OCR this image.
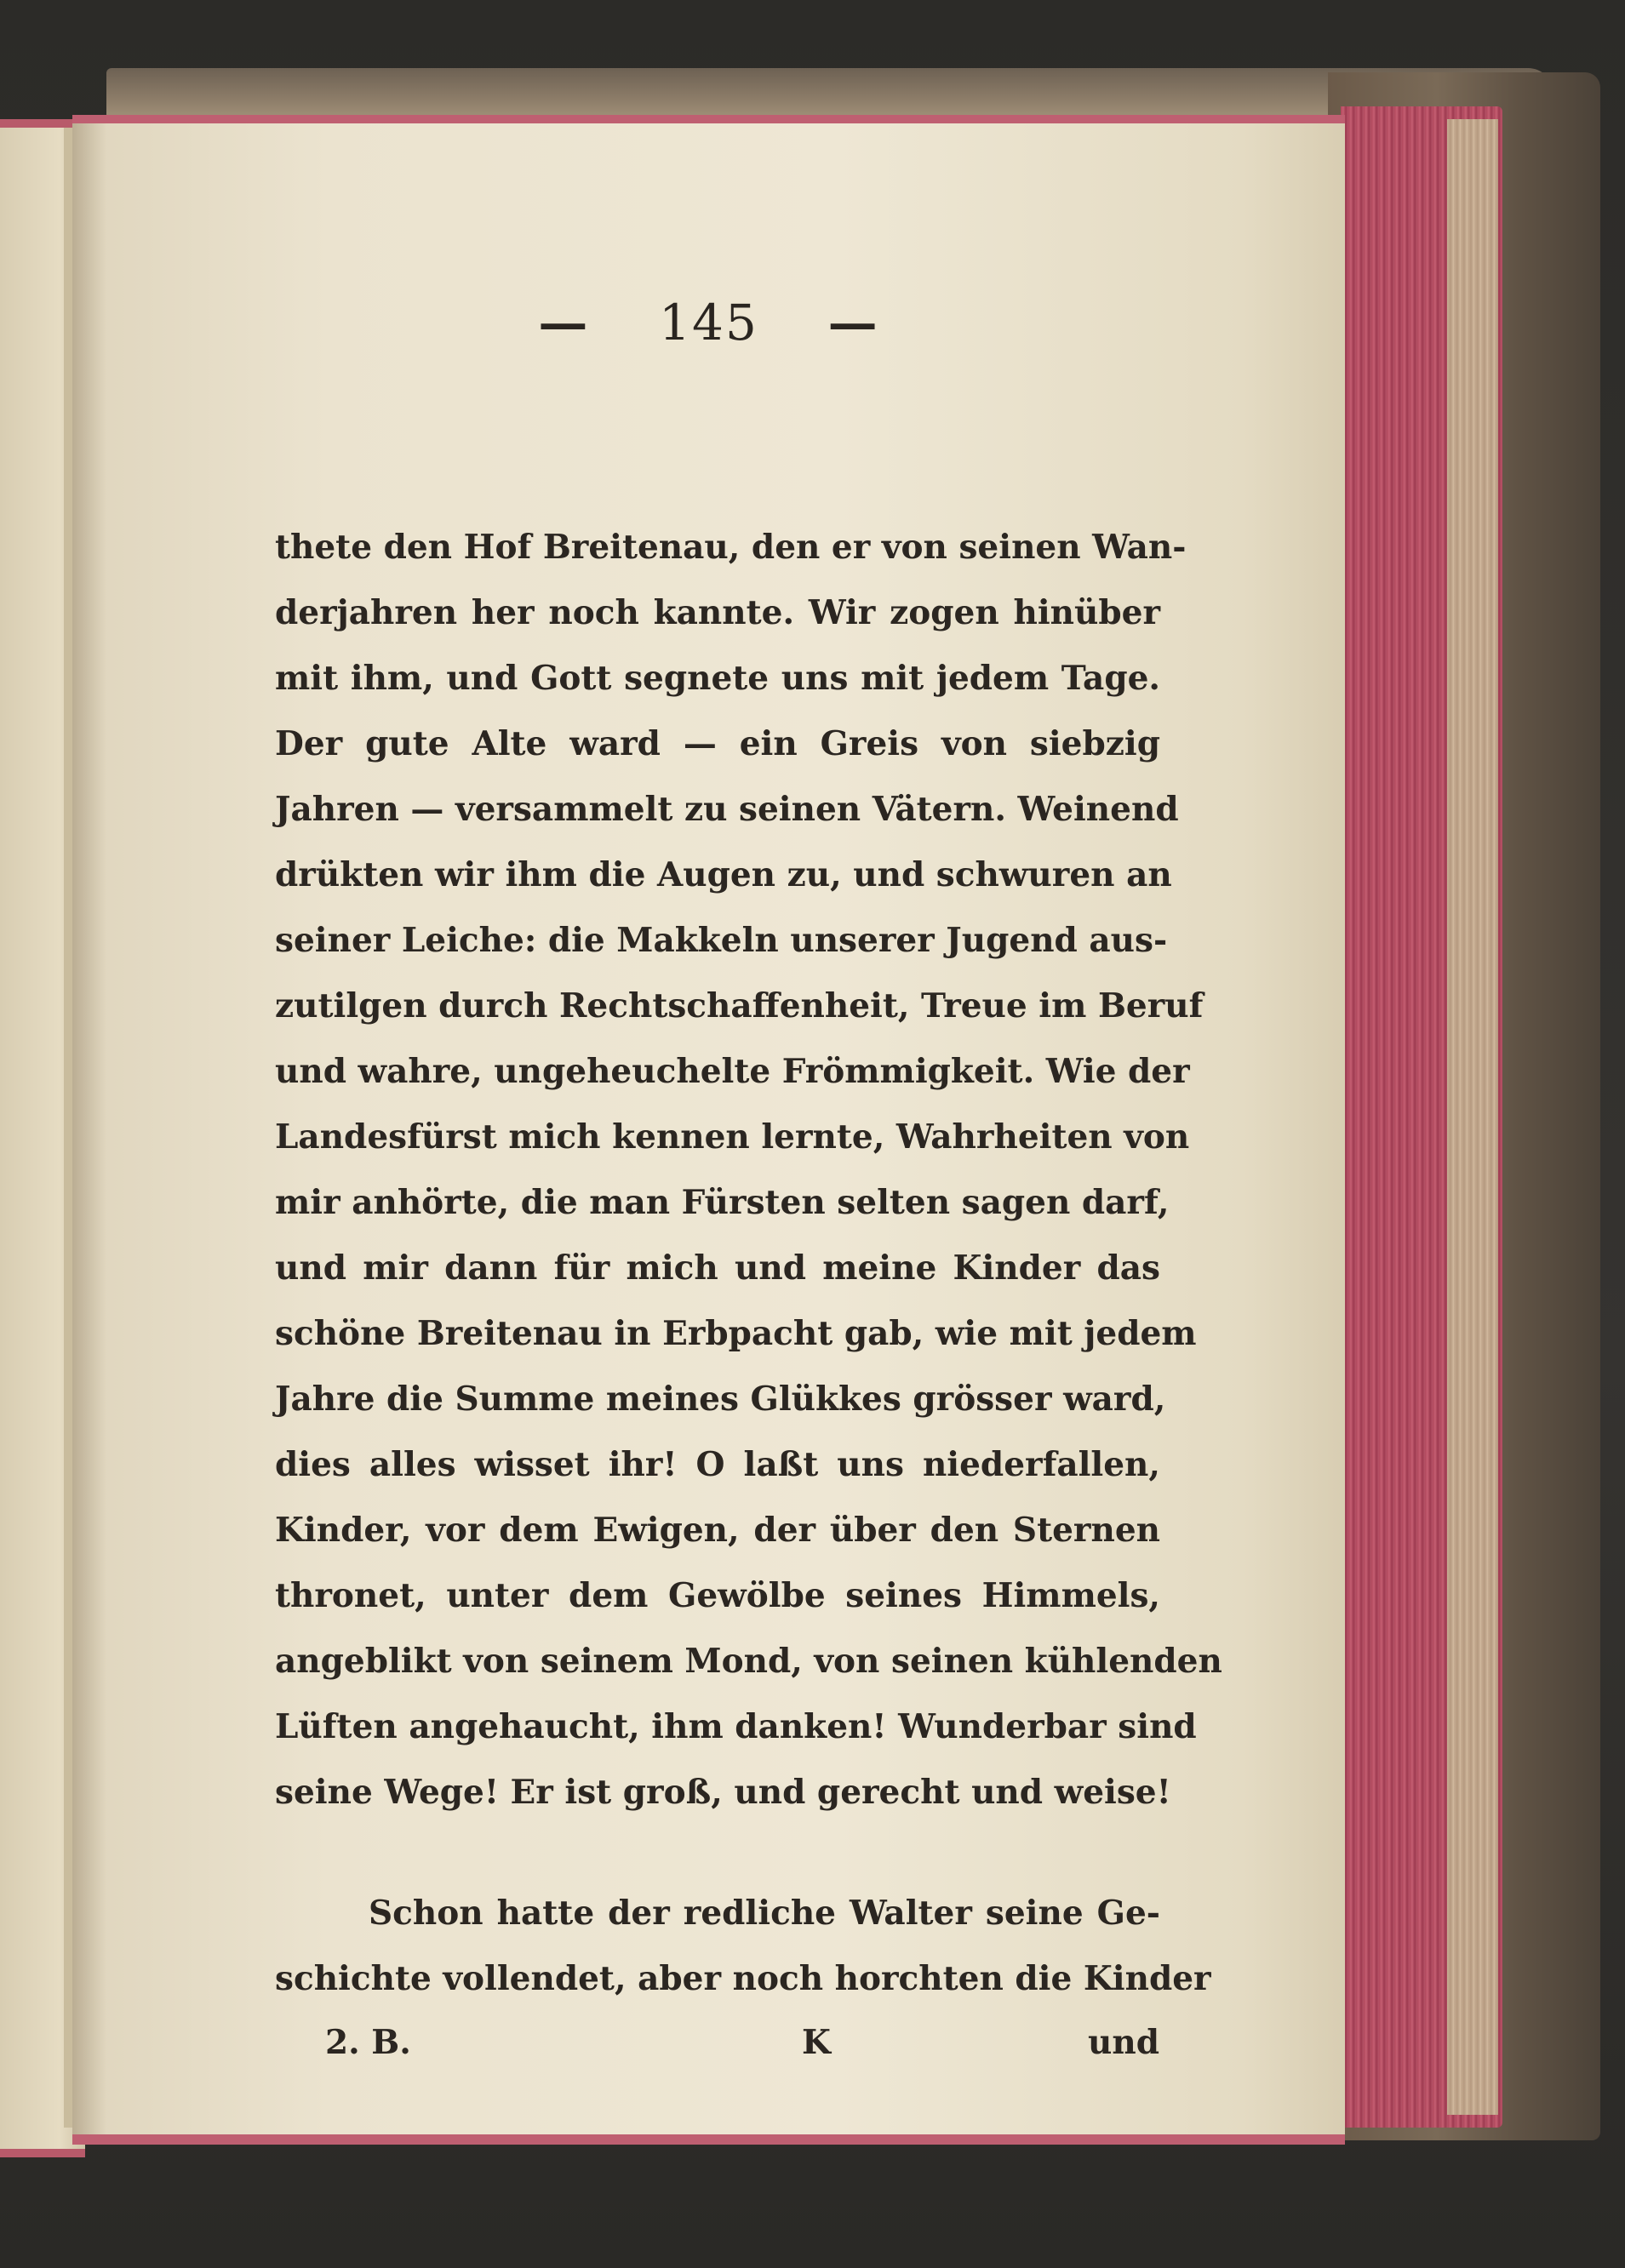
— 145 —
thete den Hof Breitenau, den er von seinen Wan-
derjahren her noch kannte. Wir zogen hinüber
mit ihm, und Gott segnete uns mit jedem Tage.
Der gute Alte ward — ein Greis von siebzig
Jahren — versammelt zu seinen Vätern. Weinend
drükten wir ihm die Augen zu, und schwuren an
seiner Leiche: die Makkeln unserer Jugend aus-
zutilgen durch Rechtschaffenheit, Treue im Beruf
und wahre, ungeheuchelte Frömmigkeit. Wie der
Landesfürst mich kennen lernte, Wahrheiten von
mir anhörte, die man Fürsten selten sagen darf,
und mir dann für mich und meine Kinder das
schöne Breitenau in Erbpacht gab, wie mit jedem
Jahre die Summe meines Glükkes grösser ward,
dies alles wisset ihr! O laßt uns niederfallen,
Kinder, vor dem Ewigen, der über den Sternen
thronet, unter dem Gewölbe seines Himmels,
angeblikt von seinem Mond, von seinen kühlenden
Lüften angehaucht, ihm danken! Wunderbar sind
seine Wege! Er ist groß, und gerecht und weise!
Schon hatte der redliche Walter seine Ge-
schichte vollendet, aber noch horchten die Kinder
2. B.	K	und
